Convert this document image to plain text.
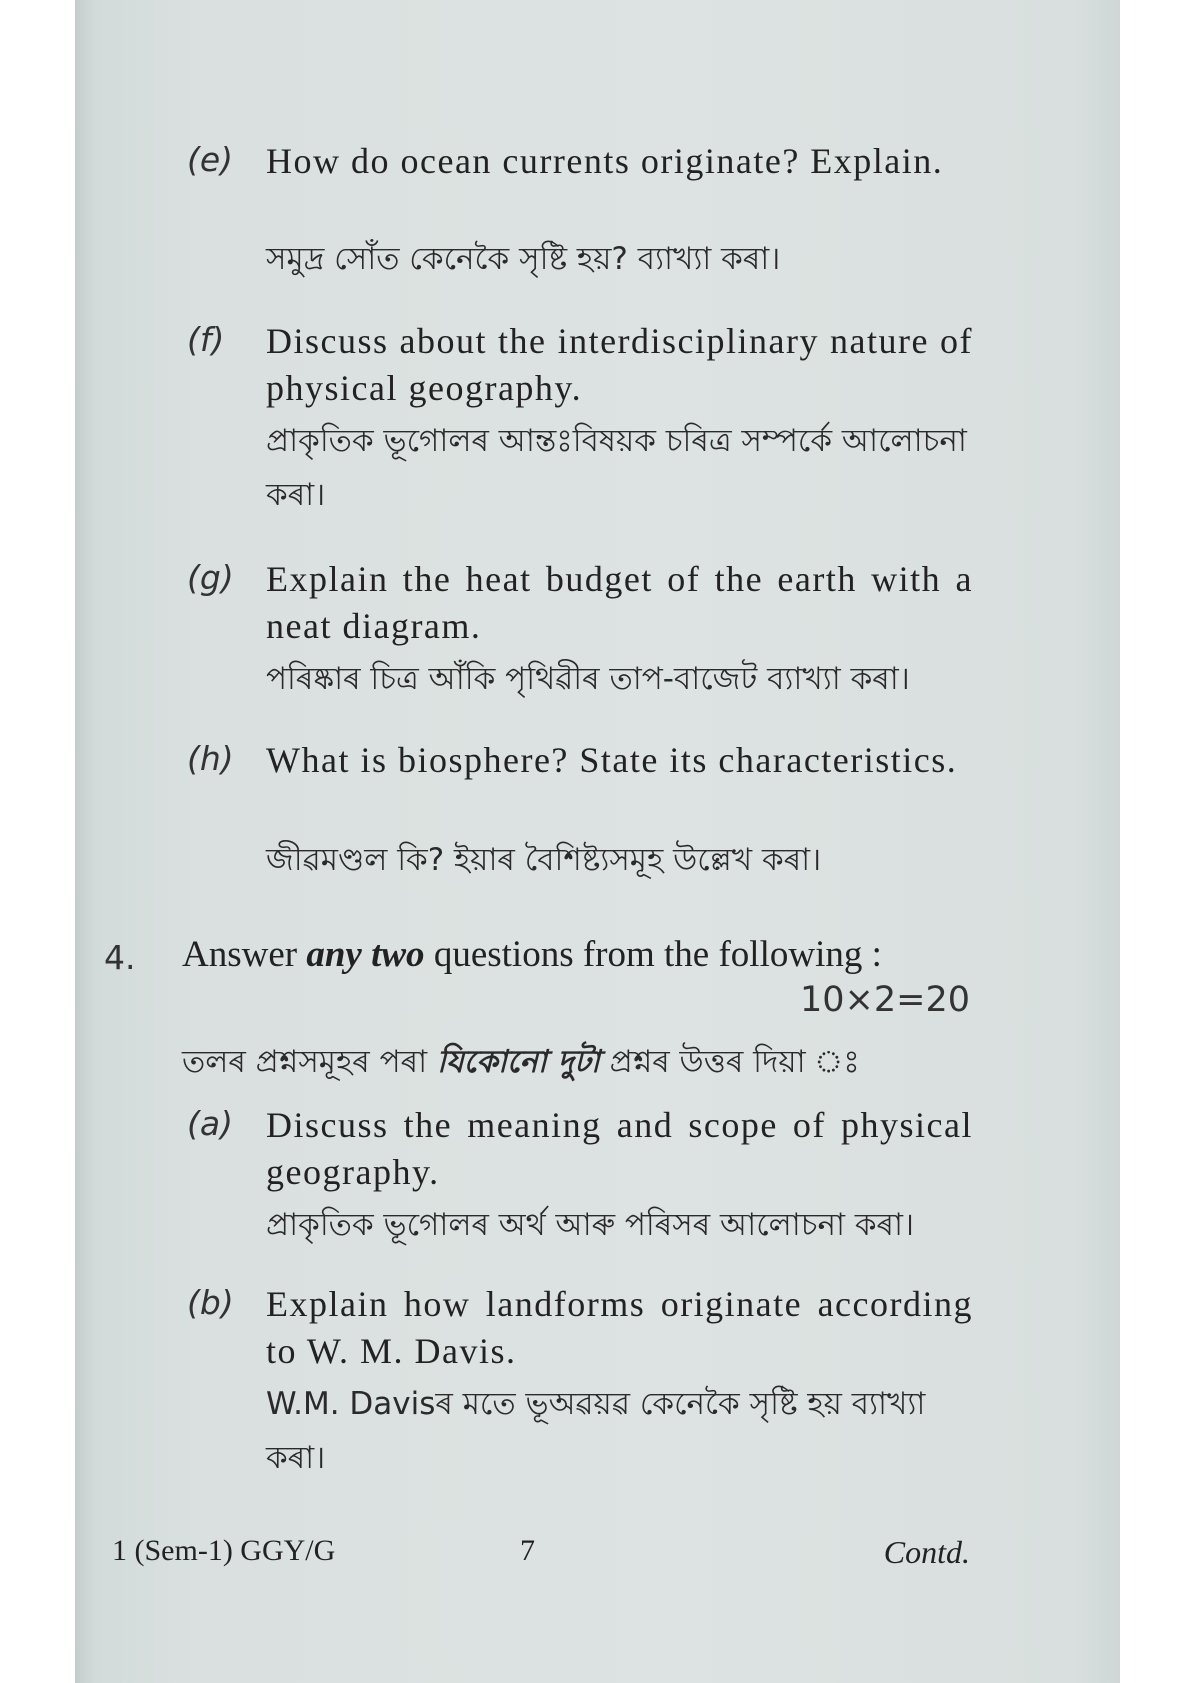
(e) How do ocean currents originate? Explain.
সমুদ্র সোঁত কেনেকৈ সৃষ্টি হয়? ব্যাখ্যা কৰা।
(f) Discuss about the interdisciplinary nature of physical geography.
প্ৰাকৃতিক ভূগোলৰ আন্তঃবিষয়ক চৰিত্ৰ সম্পৰ্কে আলোচনা কৰা।
(g) Explain the heat budget of the earth with a neat diagram.
পৰিষ্কাৰ চিত্ৰ আঁকি পৃথিৱীৰ তাপ-বাজেট ব্যাখ্যা কৰা।
(h) What is biosphere? State its characteristics.
জীৱমণ্ডল কি? ইয়াৰ বৈশিষ্ট্যসমূহ উল্লেখ কৰা।
4. Answer any two questions from the following :
10×2=20
তলৰ প্ৰশ্নসমূহৰ পৰা যিকোনো দুটা প্ৰশ্নৰ উত্তৰ দিয়া ঃ
(a) Discuss the meaning and scope of physical geography.
প্ৰাকৃতিক ভূগোলৰ অৰ্থ আৰু পৰিসৰ আলোচনা কৰা।
(b) Explain how landforms originate according to W. M. Davis.
W.M. Davisৰ মতে ভূঅৱয়ৱ কেনেকৈ সৃষ্টি হয় ব্যাখ্যা কৰা।
1 (Sem-1) GGY/G	7	Contd.
